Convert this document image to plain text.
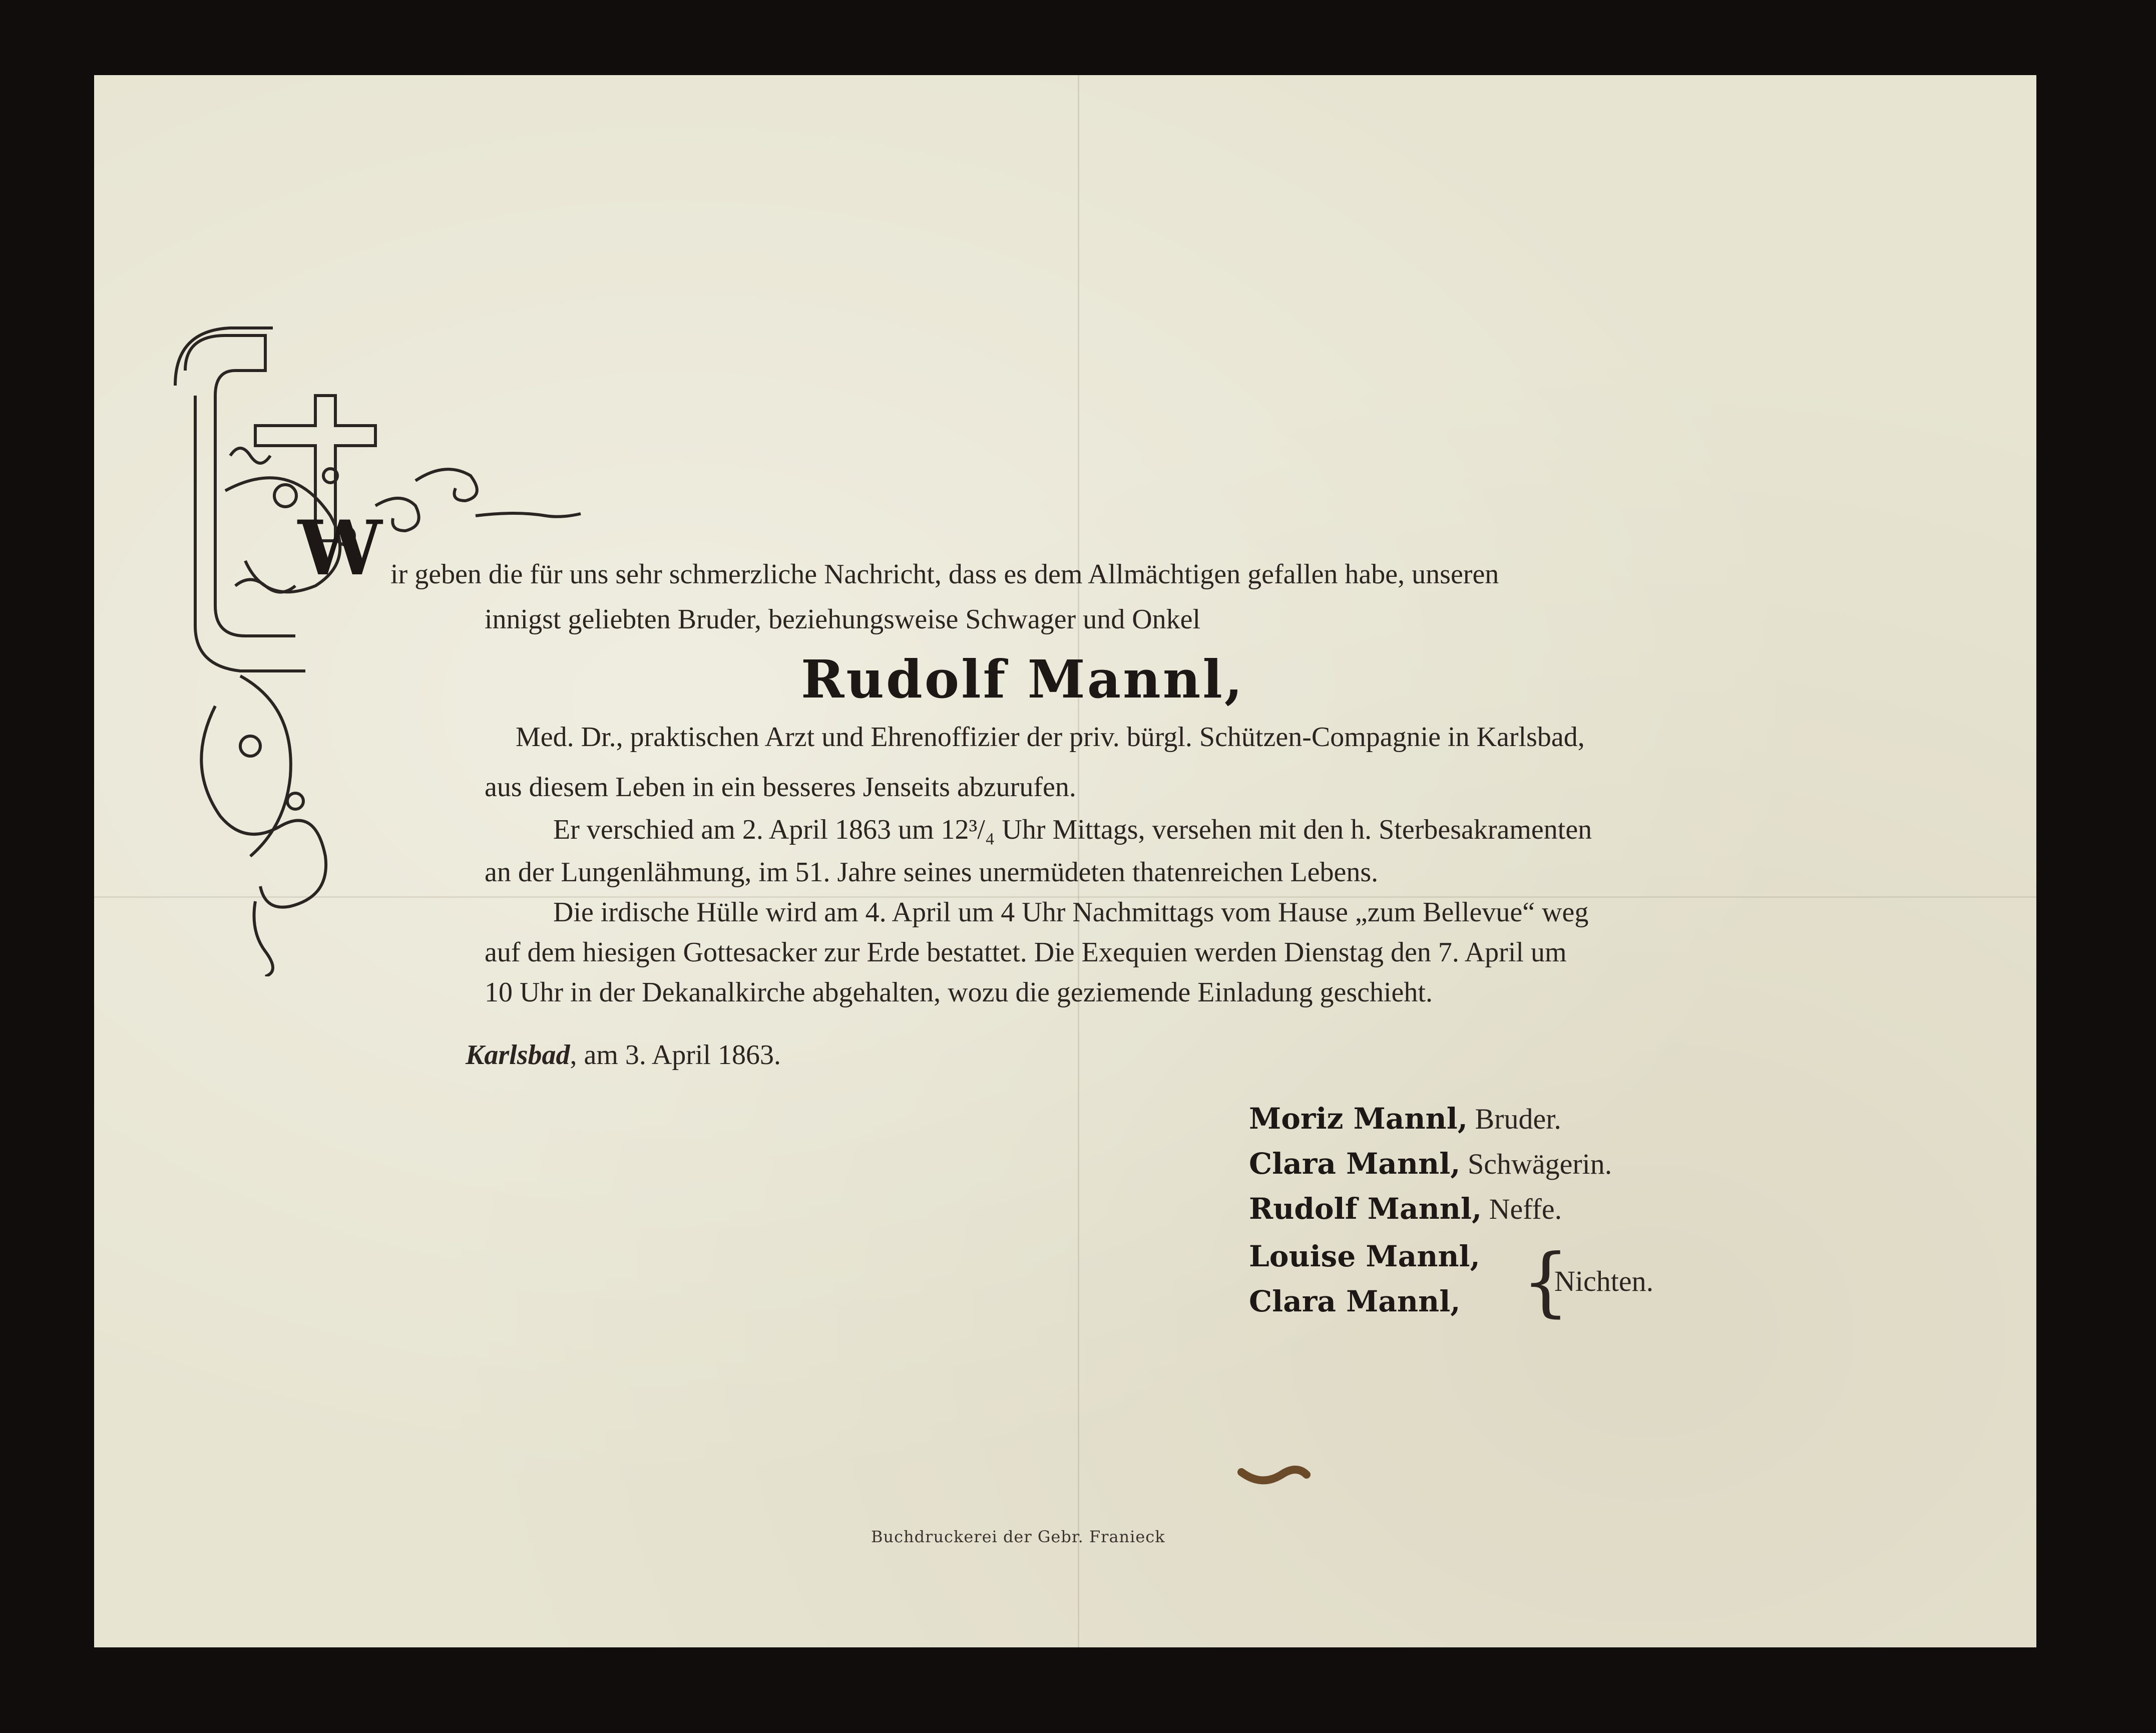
W ir geben die für uns sehr schmerzliche Nachricht, dass es dem Allmächtigen gefallen habe, unseren
innigst geliebten Bruder, beziehungsweise Schwager und Onkel
Rudolf Mannl,
Med. Dr., praktischen Arzt und Ehrenoffizier der priv. bürgl. Schützen-Compagnie in Karlsbad,
aus diesem Leben in ein besseres Jenseits abzurufen.
Er verschied am 2. April 1863 um 12³/₄ Uhr Mittags, versehen mit den h. Sterbesakramenten
an der Lungenlähmung, im 51. Jahre seines unermüdeten thatenreichen Lebens.
Die irdische Hülle wird am 4. April um 4 Uhr Nachmittags vom Hause „zum Bellevue“ weg
auf dem hiesigen Gottesacker zur Erde bestattet. Die Exequien werden Dienstag den 7. April um
10 Uhr in der Dekanalkirche abgehalten, wozu die geziemende Einladung geschieht.
Karlsbad, am 3. April 1863.
Moriz Mannl, Bruder.
Clara Mannl, Schwägerin.
Rudolf Mannl, Neffe.
Louise Mannl,
Clara Mannl, {
Nichten.
Buchdruckerei der Gebr. Franieck
